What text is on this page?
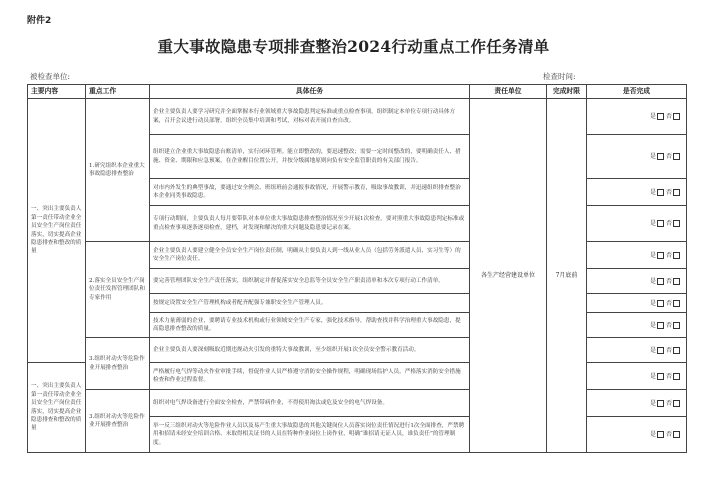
附件2
重大事故隐患专项排查整治2024行动重点工作任务清单
被检查单位:	检查时间:
主要内容	重点工作	具体任务	责任单位	完成时限	是否完成
一、突出主要负责人第一责任带动企业全员安全生产岗位责任落实，切实提高企业隐患排查和整改的质量	1.研究组织本企业重大事故隐患排查整治	企业主要负责人要学习研究并全面掌握本行业领域重大事故隐患判定标准或重点检查事项，组织制定本单位专项行动具体方案，召开会议进行动员部署，组织全员集中培训和考试，对标对表开展自查自改。	各生产经营建设单位	7月底前	是 否
		组织建立企业重大事故隐患台账清单，实行闭环管理。能立即整改的，要迅速整改；需要一定时间整改的，要明确责任人、措施、资金、期限和应急预案，在企业醒目位置公开，并按分级属地原则向负有安全监管职责的有关部门报告。			是 否
		对市内外发生的典型事故，要通过安全例会、班组班前会通报事故情况，开展警示教育，吸取事故教训，并迅速组织排查整治本企业同类事故隐患。			是 否
		专项行动期间，主要负责人每月要带队对本单位重大事故隐患排查整治情况至少开展1次检查。要对照重大事故隐患判定标准或重点检查事项逐条逐项检查，建档，对发现和解决的重大问题及隐患要记录在案。			是 否
	2.落实全员安全生产岗位责任发挥管理团队和专家作用	企业主要负责人要建立健全全员安全生产岗位责任制，明确从主要负责人到一线从业人员（包括劳务派遣人员、实习生等）的安全生产岗位责任。			是 否
		要完善管理团队安全生产责任落实，组织制定并督促落实安全总监等全员安全生产职责清单和本次专项行动工作清单。			是 否
		按规定设置安全生产管理机构或者配齐配强专兼职安全生产管理人员。			是 否
		技术力量薄弱的企业，要聘请专业技术机构或行业领域安全生产专家，强化技术指导，帮助查找并科学治理重大事故隐患，提高隐患排查整改的质量。			是 否
	3.组织对动火等危险作业开展排查整治	企业主要负责人要深刻吸取近期违规动火引发的重特大事故教训，至少组织开展1次全员安全警示教育活动。			是 否
一、突出主要负责人第一责任带动企业全员安全生产岗位责任落实，切实提高企业隐患排查和整改的质量		严格履行电气焊等动火作业审批手续，督促作业人员严格遵守消防安全操作规程，明确现场监护人员，严格落实消防安全措施检查和作业过程监督。			是 否
	3.组织对动火等危险作业开展排查整治	组织对电气焊设备进行全面安全检查，严禁带病作业，不得使用淘汰或危及安全的电气焊设备。			是 否
		举一反三组织对动火等危险作业人员以及易产生重大事故隐患的其他关键岗位人员落实岗位责任情况进行1次全面排查，严禁聘用和招请未经安全培训合格、未取得相关证书的人员在特种作业岗位上岗作业，明确“谁招请无证人员，谁负责任”的管理制度。			是 否
